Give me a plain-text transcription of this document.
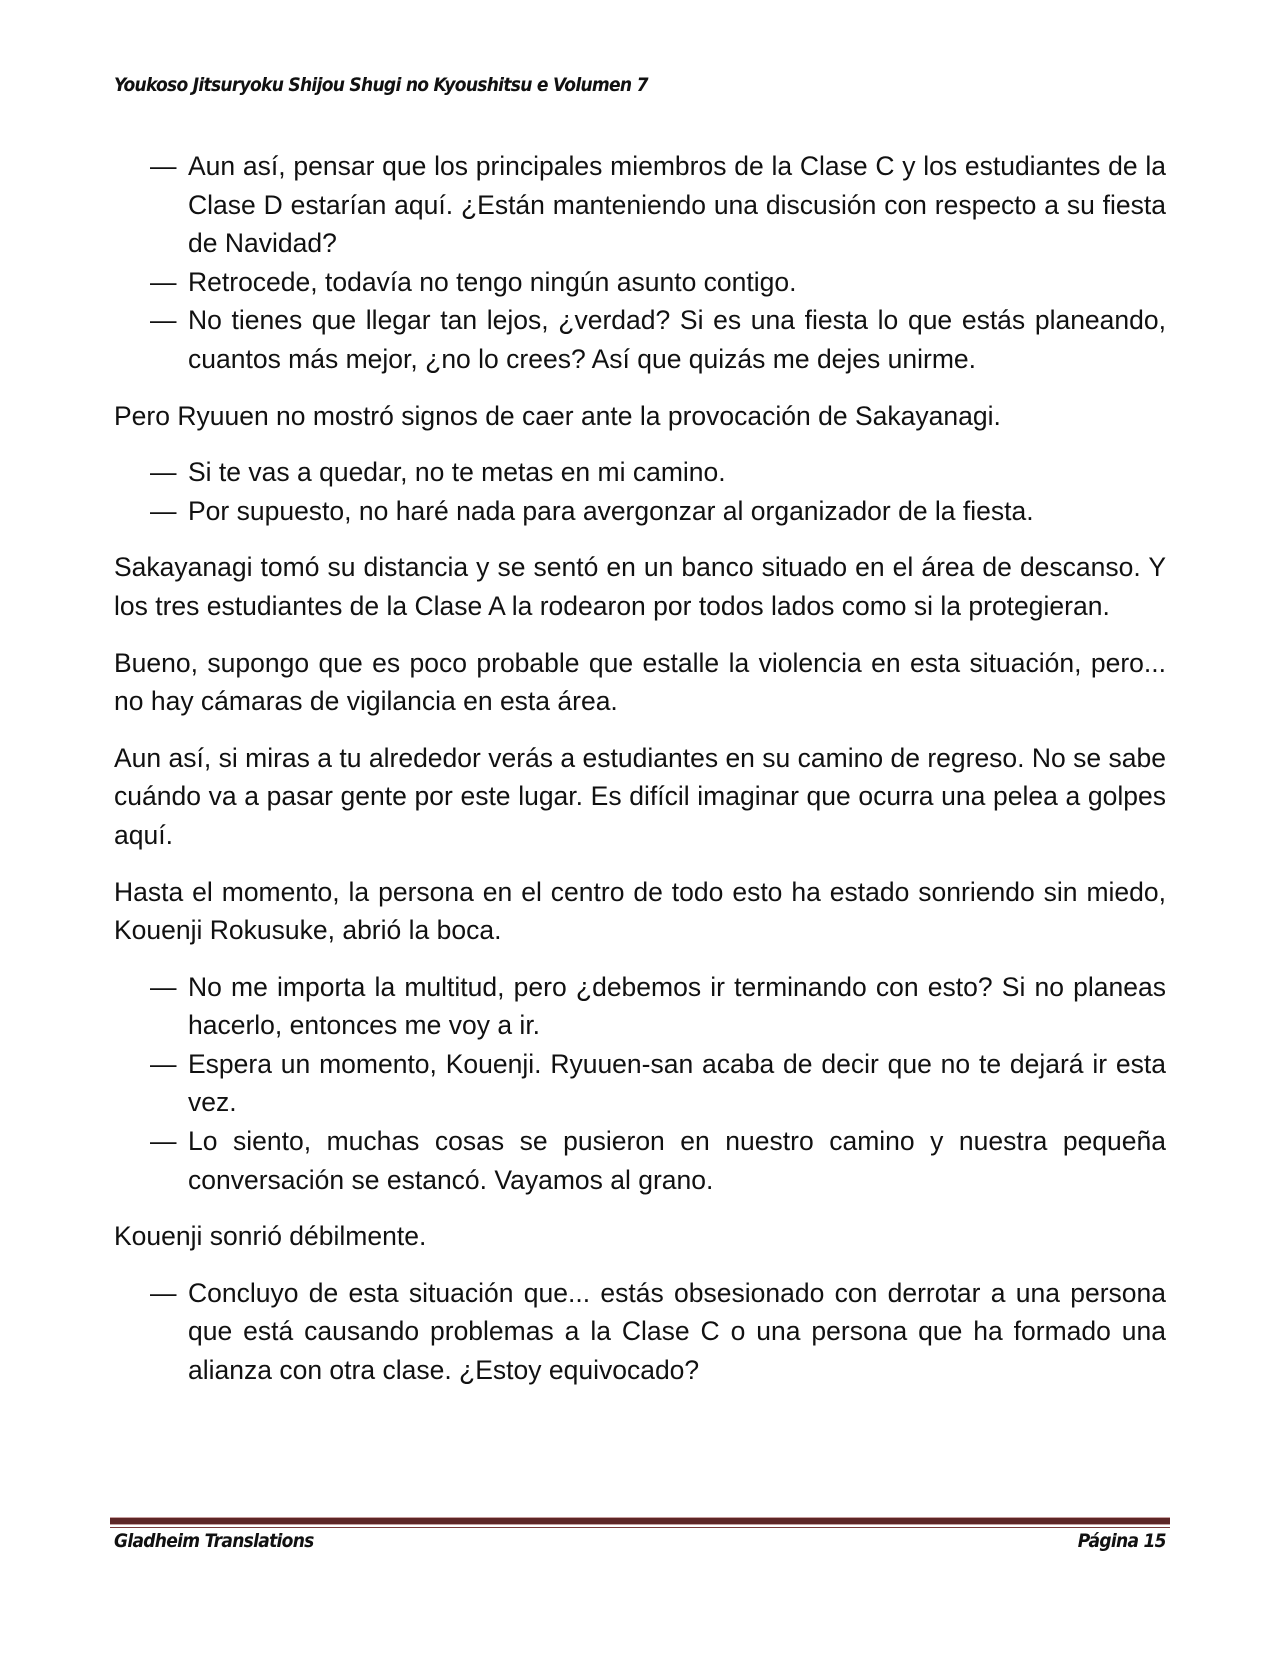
Youkoso Jitsuryoku Shijou Shugi no Kyoushitsu e Volumen 7
— Aun así, pensar que los principales miembros de la Clase C y los estudiantes de la Clase D estarían aquí. ¿Están manteniendo una discusión con respecto a su fiesta de Navidad?
— Retrocede, todavía no tengo ningún asunto contigo.
— No tienes que llegar tan lejos, ¿verdad? Si es una fiesta lo que estás planeando, cuantos más mejor, ¿no lo crees? Así que quizás me dejes unirme.

Pero Ryuuen no mostró signos de caer ante la provocación de Sakayanagi.

— Si te vas a quedar, no te metas en mi camino.
— Por supuesto, no haré nada para avergonzar al organizador de la fiesta.

Sakayanagi tomó su distancia y se sentó en un banco situado en el área de descanso. Y los tres estudiantes de la Clase A la rodearon por todos lados como si la protegieran.

Bueno, supongo que es poco probable que estalle la violencia en esta situación, pero... no hay cámaras de vigilancia en esta área.

Aun así, si miras a tu alrededor verás a estudiantes en su camino de regreso. No se sabe cuándo va a pasar gente por este lugar. Es difícil imaginar que ocurra una pelea a golpes aquí.

Hasta el momento, la persona en el centro de todo esto ha estado sonriendo sin miedo, Kouenji Rokusuke, abrió la boca.

— No me importa la multitud, pero ¿debemos ir terminando con esto? Si no planeas hacerlo, entonces me voy a ir.
— Espera un momento, Kouenji. Ryuuen-san acaba de decir que no te dejará ir esta vez.
— Lo siento, muchas cosas se pusieron en nuestro camino y nuestra pequeña conversación se estancó. Vayamos al grano.

Kouenji sonrió débilmente.

— Concluyo de esta situación que... estás obsesionado con derrotar a una persona que está causando problemas a la Clase C o una persona que ha formado una alianza con otra clase. ¿Estoy equivocado?
Gladheim Translations	Página 15
